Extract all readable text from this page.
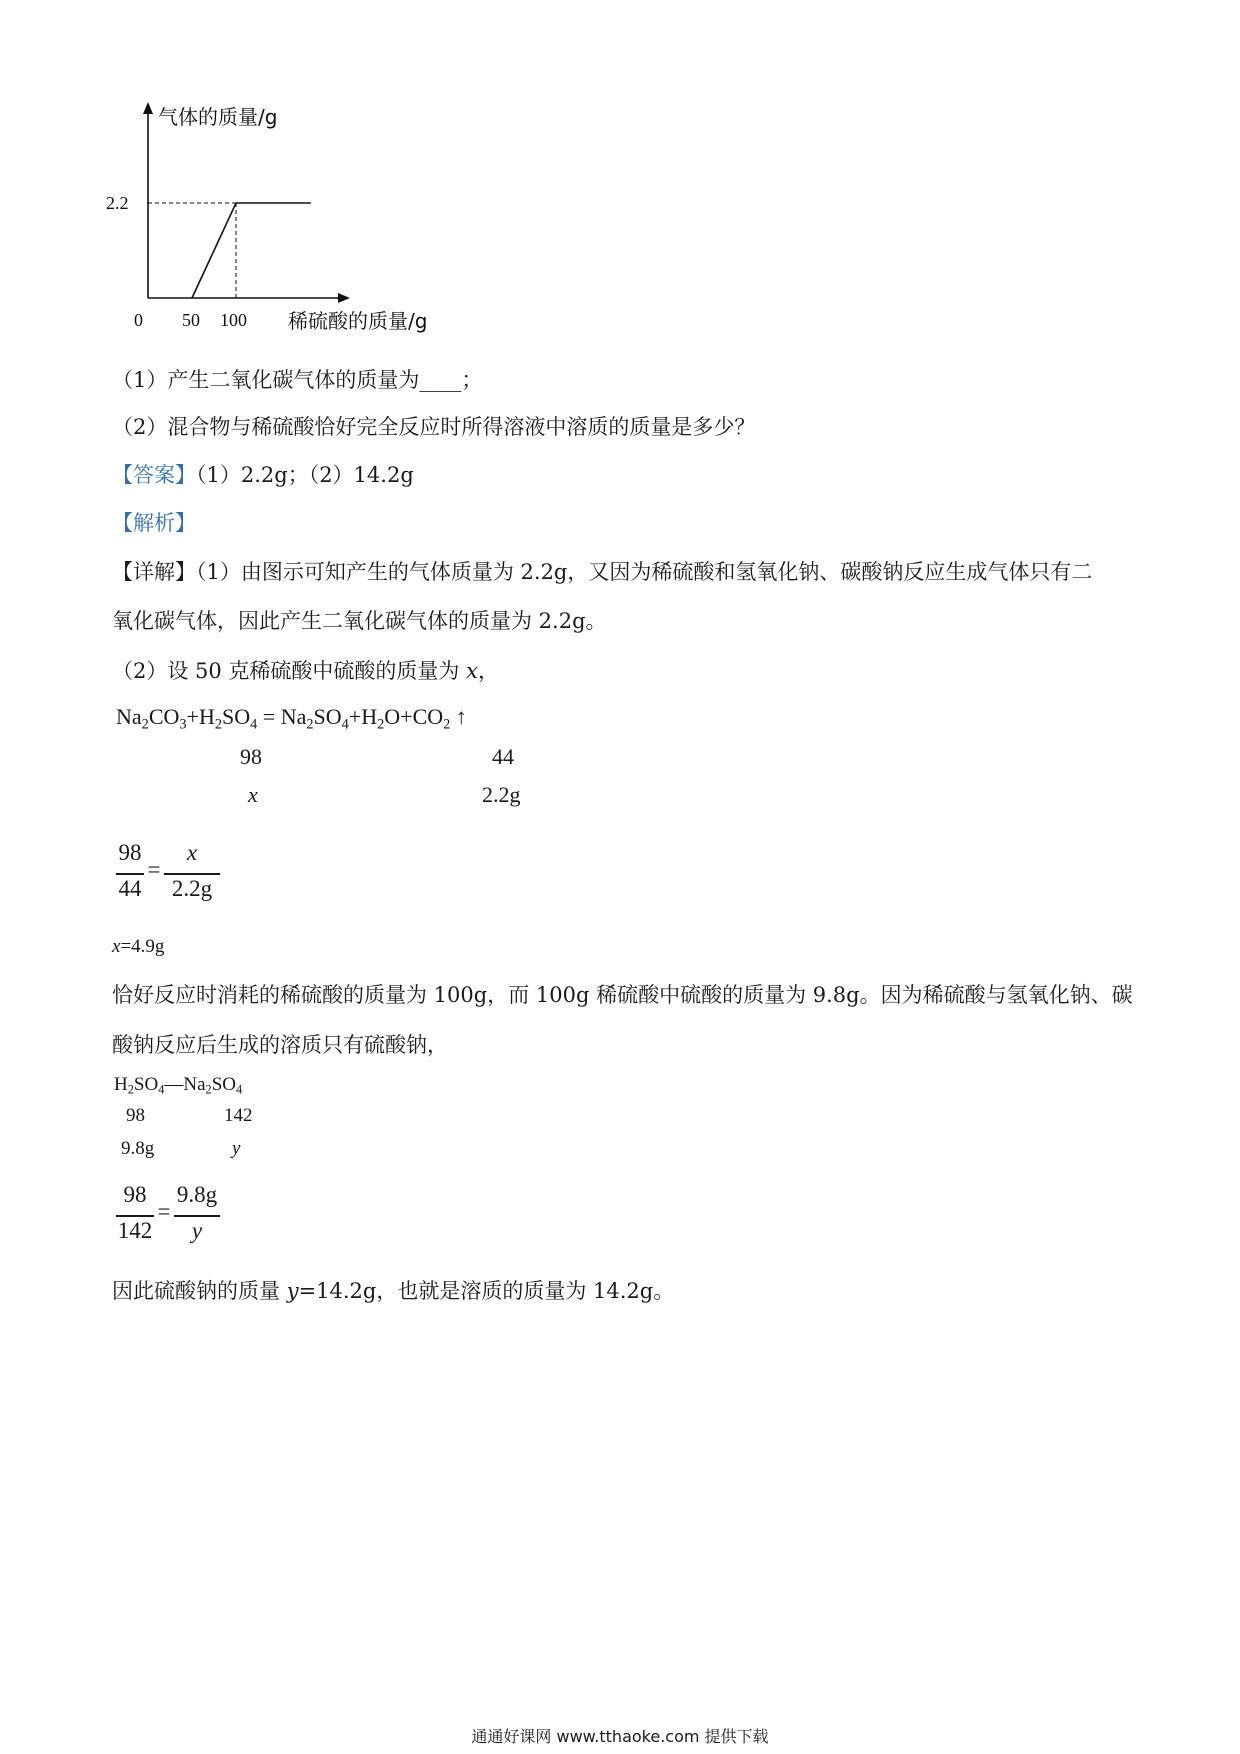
0 50 100
2.2
气体的质量/g
稀硫酸的质量/g
（1）产生二氧化碳气体的质量为____；
（2）混合物与稀硫酸恰好完全反应时所得溶液中溶质的质量是多少？
【答案】（1）2.2g；（2）14.2g
【解析】
【详解】（1）由图示可知产生的气体质量为 2.2g，又因为稀硫酸和氢氧化钠、碳酸钠反应生成气体只有二
氧化碳气体，因此产生二氧化碳气体的质量为 2.2g。
（2）设 50 克稀硫酸中硫酸的质量为 x，
$Na_2CO_3+H_2SO_4 = Na_2SO_4+H_2O+CO_2$ ↑
98	44
x	2.2g
98
44
=
x
2.2g
x=4.9g
恰好反应时消耗的稀硫酸的质量为 100g，而 100g 稀硫酸中硫酸的质量为 9.8g。因为稀硫酸与氢氧化钠、碳
酸钠反应后生成的溶质只有硫酸钠，
$H_2SO_4—Na_2SO_4$
98	142
9.8g	y
98
142
=
9.8g
y
因此硫酸钠的质量 y=14.2g，也就是溶质的质量为 14.2g。
通通好课网 www.tthaoke.com 提供下载
